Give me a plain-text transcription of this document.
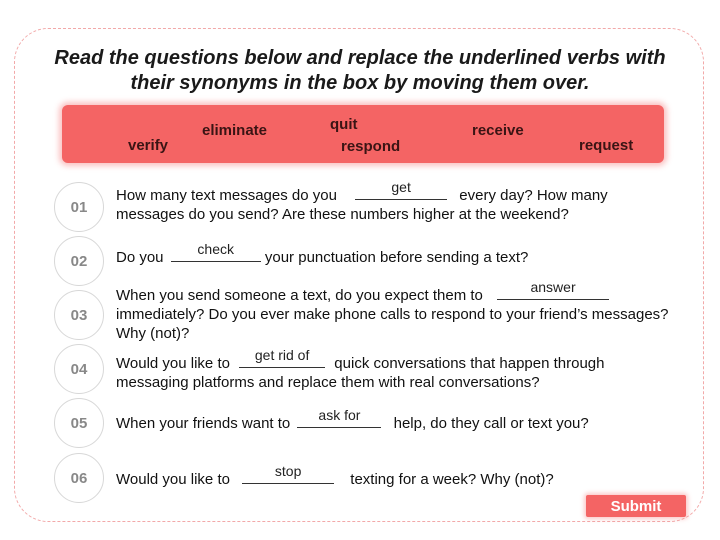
Read the questions below and replace the underlined verbs with their synonyms in the box by moving them over.
verify
eliminate	quit
respond
receive
request
01
How many text messages do you	get	every day? How many messages do you send? Are these numbers higher at the weekend?
02	Do you	check	your punctuation before sending a text?
03
When you send someone a text, do you expect them to	answer
immediately? Do you ever make phone calls to respond to your friend’s messages? Why (not)?
04	Would you like to	get rid of	quick conversations that happen through messaging platforms and replace them with real conversations?
05	When your friends want to	ask for	help, do they call or text you?
06	Would you like to	stop	texting for a week? Why (not)?
Submit
